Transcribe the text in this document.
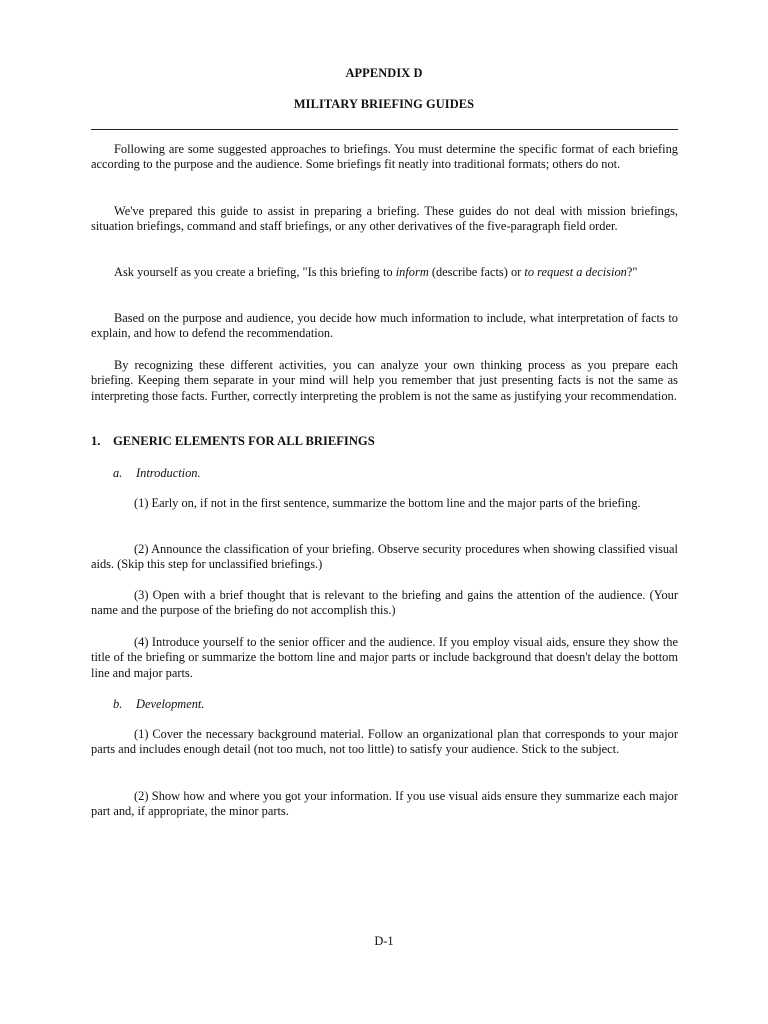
APPENDIX D
MILITARY BRIEFING GUIDES

Following are some suggested approaches to briefings. You must determine the specific format of each briefing according to the purpose and the audience. Some briefings fit neatly into traditional formats; others do not.

We've prepared this guide to assist in preparing a briefing. These guides do not deal with mission briefings, situation briefings, command and staff briefings, or any other derivatives of the five-paragraph field order.

Ask yourself as you create a briefing, "Is this briefing to inform (describe facts) or to request a decision?"

Based on the purpose and audience, you decide how much information to include, what interpretation of facts to explain, and how to defend the recommendation.

By recognizing these different activities, you can analyze your own thinking process as you prepare each briefing. Keeping them separate in your mind will help you remember that just presenting facts is not the same as interpreting those facts. Further, correctly interpreting the problem is not the same as justifying your recommendation.

1. GENERIC ELEMENTS FOR ALL BRIEFINGS

a. Introduction.

(1) Early on, if not in the first sentence, summarize the bottom line and the major parts of the briefing.

(2) Announce the classification of your briefing. Observe security procedures when showing classified visual aids. (Skip this step for unclassified briefings.)

(3) Open with a brief thought that is relevant to the briefing and gains the attention of the audience. (Your name and the purpose of the briefing do not accomplish this.)

(4) Introduce yourself to the senior officer and the audience. If you employ visual aids, ensure they show the title of the briefing or summarize the bottom line and major parts or include background that doesn't delay the bottom line and major parts.

b. Development.

(1) Cover the necessary background material. Follow an organizational plan that corresponds to your major parts and includes enough detail (not too much, not too little) to satisfy your audience. Stick to the subject.

(2) Show how and where you got your information. If you use visual aids ensure they summarize each major part and, if appropriate, the minor parts.

D-1
